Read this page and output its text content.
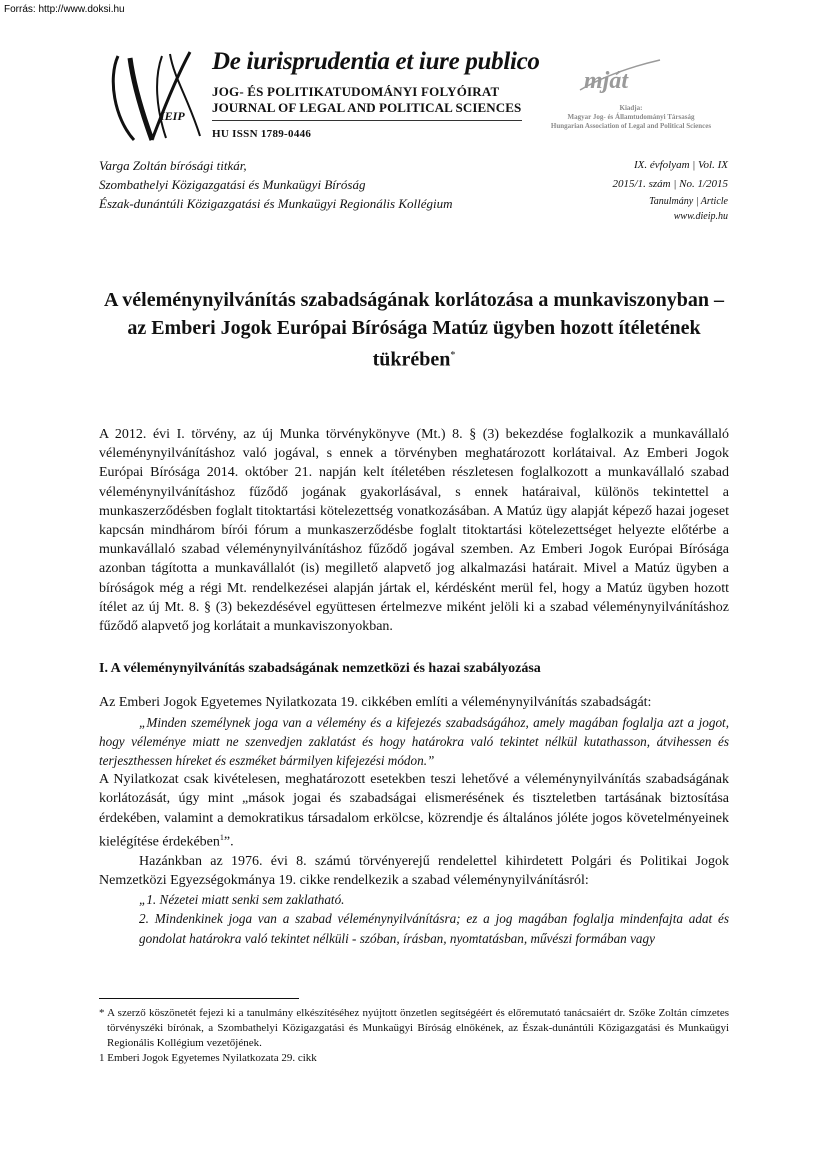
Forrás: http://www.doksi.hu
IEIP
De iurisprudentia et iure publico
JOG- ÉS POLITIKATUDOMÁNYI FOLYÓIRAT
JOURNAL OF LEGAL AND POLITICAL SCIENCES
HU ISSN 1789-0446
mját
Kiadja:
Magyar Jog- és Államtudományi Társaság
Hungarian Association of Legal and Political Sciences
Varga Zoltán bírósági titkár,
Szombathelyi Közigazgatási és Munkaügyi Bíróság
Észak-dunántúli Közigazgatási és Munkaügyi Regionális Kollégium
IX. évfolyam | Vol. IX
2015/1. szám | No. 1/2015
Tanulmány | Article
www.dieip.hu
A véleménynyilvánítás szabadságának korlátozása a munkaviszonyban – az Emberi Jogok Európai Bírósága Matúz ügyben hozott ítéletének tükrében*

A 2012. évi I. törvény, az új Munka törvénykönyve (Mt.) 8. § (3) bekezdése foglalkozik a munkavállaló véleménynyilvánításhoz való jogával, s ennek a törvényben meghatározott korlátaival. Az Emberi Jogok Európai Bírósága 2014. október 21. napján kelt ítéletében részletesen foglalkozott a munkavállaló szabad véleménynyilvánításhoz fűződő jogának gyakorlásával, s ennek határaival, különös tekintettel a munkaszerződésben foglalt titoktartási kötelezettség vonatkozásában. A Matúz ügy alapját képező hazai jogeset kapcsán mindhárom bírói fórum a munkaszerződésbe foglalt titoktartási kötelezettséget helyezte előtérbe a munkavállaló szabad véleménynyilvánításhoz fűződő jogával szemben. Az Emberi Jogok Európai Bírósága azonban tágította a munkavállalót (is) megillető alapvető jog alkalmazási határait. Mivel a Matúz ügyben a bíróságok még a régi Mt. rendelkezései alapján jártak el, kérdésként merül fel, hogy a Matúz ügyben hozott ítélet az új Mt. 8. § (3) bekezdésével együttesen értelmezve miként jelöli ki a szabad véleménynyilvánításhoz fűződő alapvető jog korlátait a munkaviszonyokban.

I. A véleménynyilvánítás szabadságának nemzetközi és hazai szabályozása

Az Emberi Jogok Egyetemes Nyilatkozata 19. cikkében említi a véleménynyilvánítás szabadságát:

„Minden személynek joga van a vélemény és a kifejezés szabadságához, amely magában foglalja azt a jogot, hogy véleménye miatt ne szenvedjen zaklatást és hogy határokra való tekintet nélkül kutathasson, átvihessen és terjeszthessen híreket és eszméket bármilyen kifejezési módon.”

A Nyilatkozat csak kivételesen, meghatározott esetekben teszi lehetővé a véleménynyilvánítás szabadságának korlátozását, úgy mint „mások jogai és szabadságai elismerésének és tiszteletben tartásának biztosítása érdekében, valamint a demokratikus társadalom erkölcse, közrendje és általános jóléte jogos követelményeinek kielégítése érdekében$^1$”.

Hazánkban az 1976. évi 8. számú törvényerejű rendelettel kihirdetett Polgári és Politikai Jogok Nemzetközi Egyezségokmánya 19. cikke rendelkezik a szabad véleménynyilvánításról:

„1. Nézetei miatt senki sem zaklatható.

2. Mindenkinek joga van a szabad véleménynyilvánításra; ez a jog magában foglalja mindenfajta adat és gondolat határokra való tekintet nélküli - szóban, írásban, nyomtatásban, művészi formában vagy

* A szerző köszönetét fejezi ki a tanulmány elkészítéséhez nyújtott önzetlen segítségéért és előremutató tanácsaiért dr. Szőke Zoltán címzetes törvényszéki bírónak, a Szombathelyi Közigazgatási és Munkaügyi Bíróság elnökének, az Észak-dunántúli Közigazgatási és Munkaügyi Regionális Kollégium vezetőjének.

1 Emberi Jogok Egyetemes Nyilatkozata 29. cikk
